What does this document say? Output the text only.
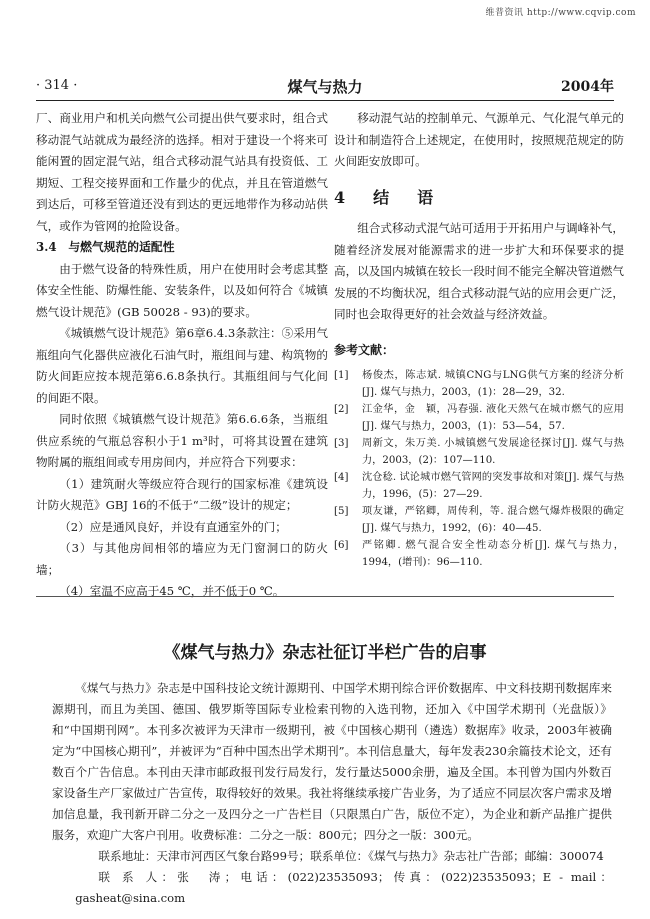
维普资讯 http://www.cqvip.com
· 314 ·	煤气与热力	2004年

厂、商业用户和机关向燃气公司提出供气要求时，组合式移动混气站就成为最经济的选择。相对于建设一个将来可能闲置的固定混气站，组合式移动混气站具有投资低、工期短、工程交接界面和工作量少的优点，并且在管道燃气到达后，可移至管道还没有到达的更远地带作为移动站供气，或作为管网的抢险设备。

3.4　与燃气规范的适配性

由于燃气设备的特殊性质，用户在使用时会考虑其整体安全性能、防爆性能、安装条件，以及如何符合《城镇燃气设计规范》(GB 50028 - 93)的要求。

《城镇燃气设计规范》第6章6.4.3条款注：⑤采用气瓶组向气化器供应液化石油气时，瓶组间与建、构筑物的防火间距应按本规范第6.6.8条执行。其瓶组间与气化间的间距不限。

同时依照《城镇燃气设计规范》第6.6.6条，当瓶组供应系统的气瓶总容积小于1 m³时，可将其设置在建筑物附属的瓶组间或专用房间内，并应符合下列要求：

（1）建筑耐火等级应符合现行的国家标准《建筑设计防火规范》GBJ 16的不低于“二级”设计的规定；

（2）应是通风良好，并设有直通室外的门；

（3）与其他房间相邻的墙应为无门窗洞口的防火墙；

（4）室温不应高于45 ℃，并不低于0 ℃。

移动混气站的控制单元、气源单元、气化混气单元的设计和制造符合上述规定，在使用时，按照规范规定的防火间距安放即可。

4　结　语

组合式移动式混气站可适用于开拓用户与调峰补气，随着经济发展对能源需求的进一步扩大和环保要求的提高，以及国内城镇在较长一段时间不能完全解决管道燃气发展的不均衡状况，组合式移动混气站的应用会更广泛，同时也会取得更好的社会效益与经济效益。

参考文献：
[1]	杨俊杰，陈志斌. 城镇CNG与LNG供气方案的经济分析[J]. 煤气与热力，2003，(1)：28—29，32.
[2]	江金华，金　颖，冯春强. 液化天然气在城市燃气的应用[J]. 煤气与热力，2003，(1)：53—54，57.
[3]	周新文，朱万美. 小城镇燃气发展途径探讨[J]. 煤气与热力，2003，(2)：107—110.
[4]	沈仓稔. 试论城市燃气管网的突发事故和对策[J]. 煤气与热力，1996，(5)：27—29.
[5]	项友谦，严铭卿，周传利，等. 混合燃气爆炸极限的确定[J]. 煤气与热力，1992，(6)：40—45.
[6]	严铭卿. 燃气混合安全性动态分析[J]. 煤气与热力，1994，(增刊)：96—110.
《煤气与热力》杂志社征订半栏广告的启事

《煤气与热力》杂志是中国科技论文统计源期刊、中国学术期刊综合评价数据库、中文科技期刊数据库来源期刊，而且为美国、德国、俄罗斯等国际专业检索刊物的入选刊物，还加入《中国学术期刊（光盘版）》和“中国期刊网”。本刊多次被评为天津市一级期刊，被《中国核心期刊（遴选）数据库》收录，2003年被确定为“中国核心期刊”，并被评为“百种中国杰出学术期刊”。本刊信息量大，每年发表230余篇技术论文，还有数百个广告信息。本刊由天津市邮政报刊发行局发行，发行量达5000余册，遍及全国。本刊曾为国内外数百家设备生产厂家做过广告宣传，取得较好的效果。我社将继续承接广告业务，为了适应不同层次客户需求及增加信息量，我刊新开辟二分之一及四分之一广告栏目（只限黑白广告，版位不定），为企业和新产品推广提供服务，欢迎广大客户刊用。收费标准：二分之一版：800元；四分之一版：300元。

联系地址：天津市河西区气象台路99号；联系单位：《煤气与热力》杂志社广告部；邮编：300074

联 系 人：张　涛；电话：(022)23535093；传真：(022)23535093；E - mail：gasheat@sina.com
